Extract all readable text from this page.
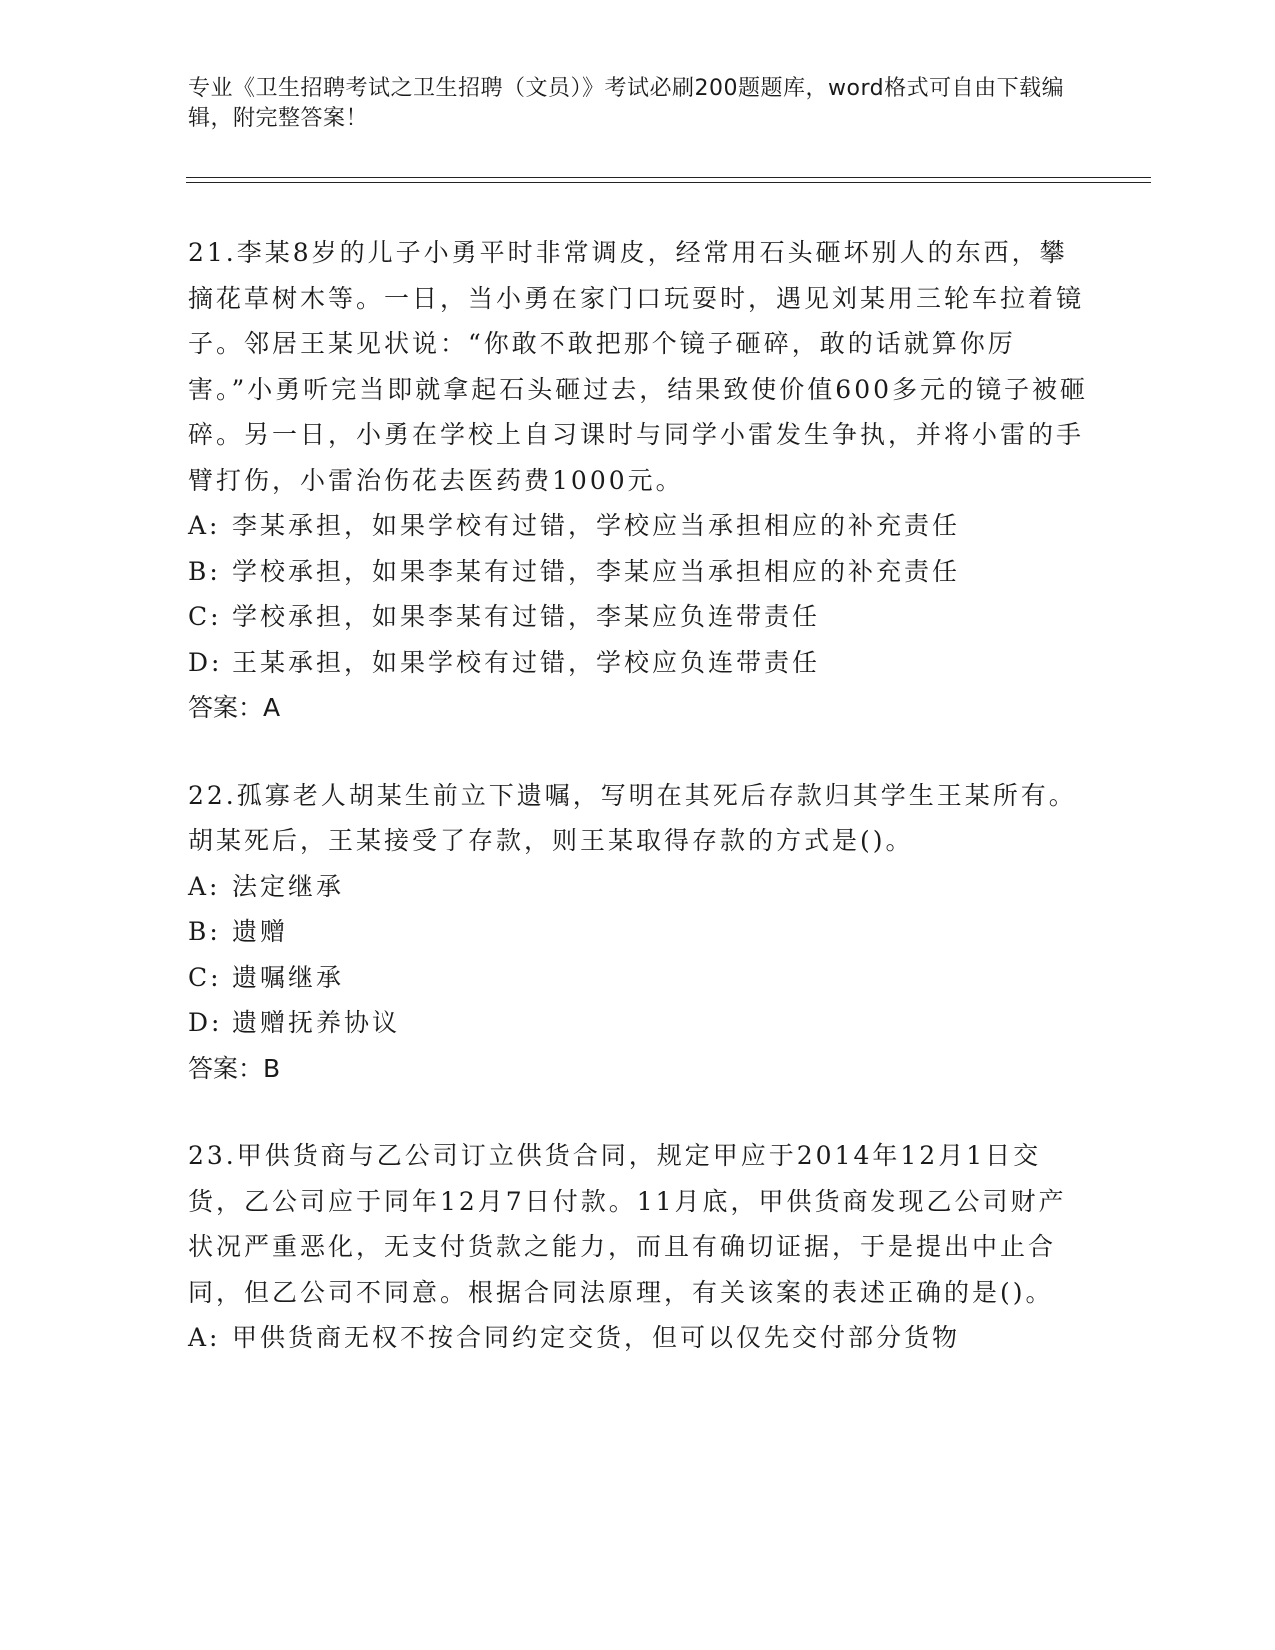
专业《卫生招聘考试之卫生招聘（文员）》考试必刷200题题库，word格式可自由下载编辑，附完整答案！

21.李某8岁的儿子小勇平时非常调皮，经常用石头砸坏别人的东西，攀摘花草树木等。一日，当小勇在家门口玩耍时，遇见刘某用三轮车拉着镜子。邻居王某见状说：“你敢不敢把那个镜子砸碎，敢的话就算你厉害。”小勇听完当即就拿起石头砸过去，结果致使价值600多元的镜子被砸碎。另一日，小勇在学校上自习课时与同学小雷发生争执，并将小雷的手臂打伤，小雷治伤花去医药费1000元。

A: 李某承担，如果学校有过错，学校应当承担相应的补充责任

B: 学校承担，如果李某有过错，李某应当承担相应的补充责任

C: 学校承担，如果李某有过错，李某应负连带责任

D: 王某承担，如果学校有过错，学校应负连带责任

答案：A

22.孤寡老人胡某生前立下遗嘱，写明在其死后存款归其学生王某所有。胡某死后，王某接受了存款，则王某取得存款的方式是()。

A: 法定继承

B: 遗赠

C: 遗嘱继承

D: 遗赠抚养协议

答案：B

23.甲供货商与乙公司订立供货合同，规定甲应于2014年12月1日交货，乙公司应于同年12月7日付款。11月底，甲供货商发现乙公司财产状况严重恶化，无支付货款之能力，而且有确切证据，于是提出中止合同，但乙公司不同意。根据合同法原理，有关该案的表述正确的是()。

A: 甲供货商无权不按合同约定交货，但可以仅先交付部分货物
